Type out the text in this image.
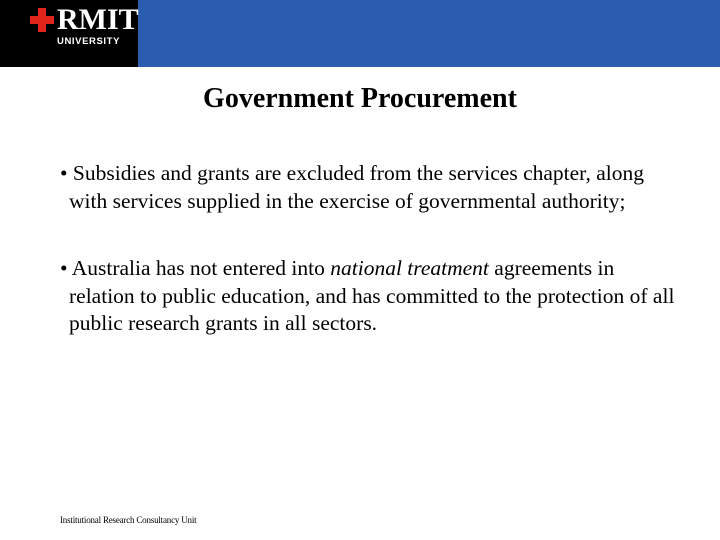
RMIT
UNIVERSITY
Government Procurement
• Subsidies and grants are excluded from the services chapter, along with services supplied in the exercise of governmental authority;
• Australia has not entered into national treatment agreements in relation to public education, and has committed to the protection of all public research grants in all sectors.
Institutional Research Consultancy Unit
